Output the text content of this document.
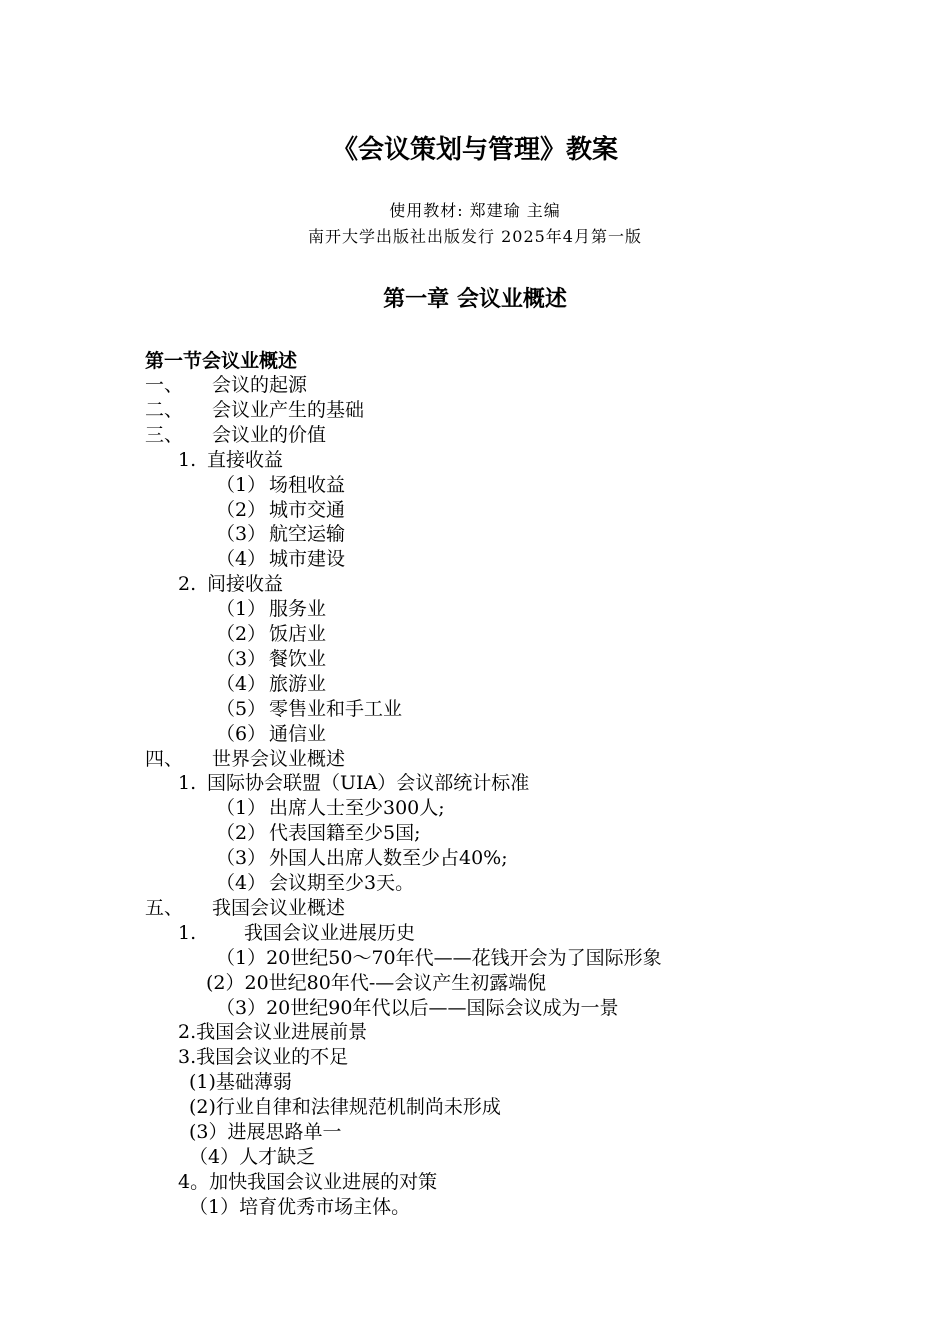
《会议策划与管理》教案
使用教材: 郑建瑜 主编
南开大学出版社出版发行 2025年4月第一版
第一章 会议业概述
第一节会议业概述
一、 会议的起源
二、 会议业产生的基础
三、 会议业的价值
1. 直接收益
（1） 场租收益
（2） 城市交通
（3） 航空运输
（4） 城市建设
2. 间接收益
（1） 服务业
（2） 饭店业
（3） 餐饮业
（4） 旅游业
（5） 零售业和手工业
（6） 通信业
四、 世界会议业概述
1. 国际协会联盟（UIA）会议部统计标准
（1） 出席人士至少300人;
（2） 代表国籍至少5国;
（3） 外国人出席人数至少占40%;
（4） 会议期至少3天。
五、 我国会议业概述
1.	我国会议业进展历史
（1）20世纪50～70年代——花钱开会为了国际形象
(2）20世纪80年代-—会议产生初露端倪
（3）20世纪90年代以后——国际会议成为一景
2.我国会议业进展前景
3.我国会议业的不足
(1)基础薄弱
(2)行业自律和法律规范机制尚未形成
(3）进展思路单一
（4）人才缺乏
4。加快我国会议业进展的对策
（1）培育优秀市场主体。
